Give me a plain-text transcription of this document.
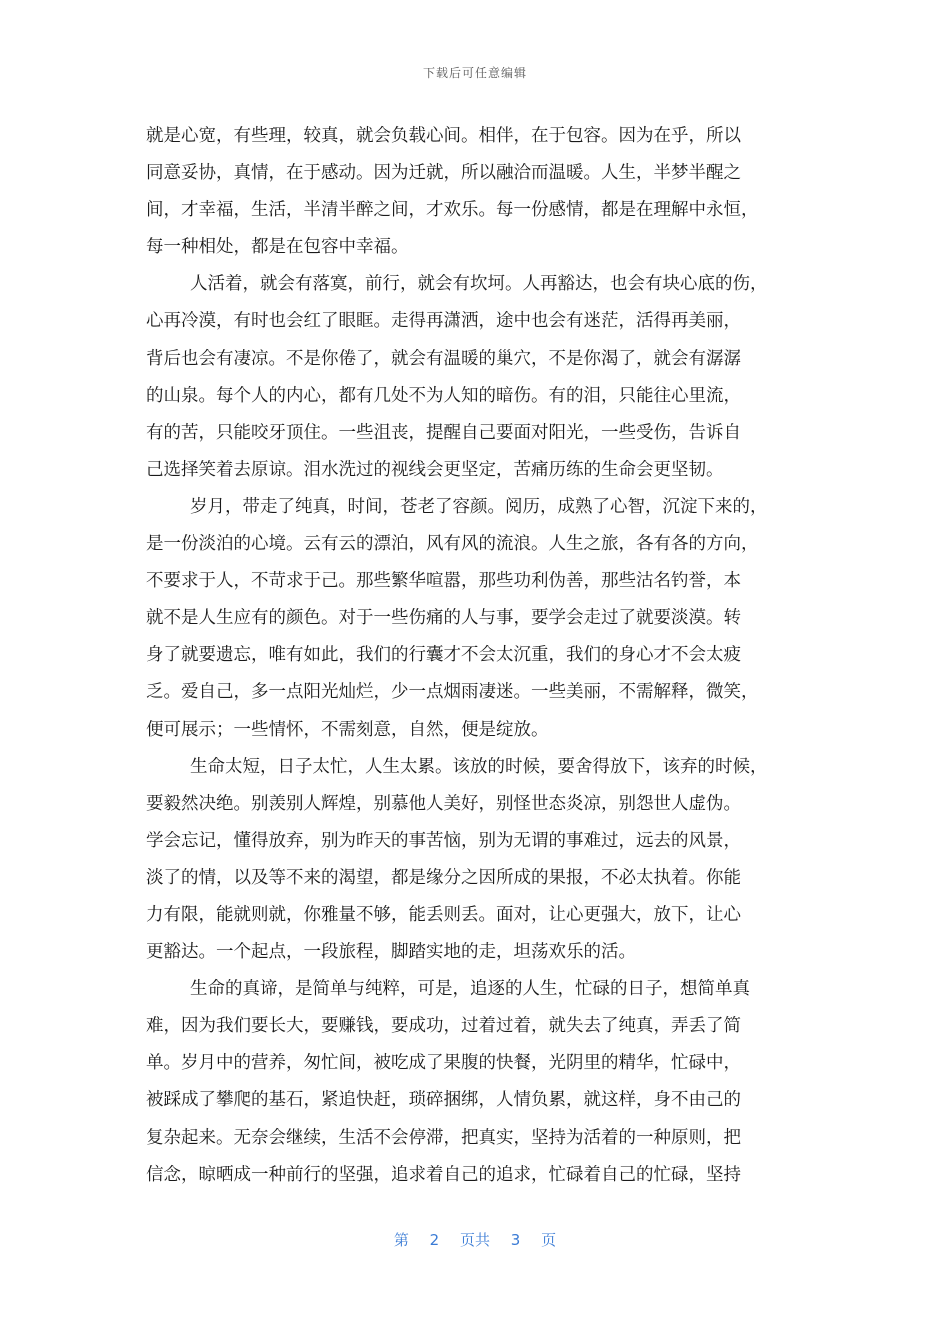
下载后可任意编辑
就是心宽，有些理，较真，就会负载心间。相伴，在于包容。因为在乎，所以
同意妥协，真情，在于感动。因为迁就，所以融洽而温暖。人生，半梦半醒之
间，才幸福，生活，半清半醉之间，才欢乐。每一份感情，都是在理解中永恒，
每一种相处，都是在包容中幸福。
人活着，就会有落寞，前行，就会有坎坷。人再豁达，也会有块心底的伤，
心再冷漠，有时也会红了眼眶。走得再潇洒，途中也会有迷茫，活得再美丽，
背后也会有凄凉。不是你倦了，就会有温暖的巢穴，不是你渴了，就会有潺潺
的山泉。每个人的内心，都有几处不为人知的暗伤。有的泪，只能往心里流，
有的苦，只能咬牙顶住。一些沮丧，提醒自己要面对阳光，一些受伤，告诉自
己选择笑着去原谅。泪水洗过的视线会更坚定，苦痛历练的生命会更坚韧。
岁月，带走了纯真，时间，苍老了容颜。阅历，成熟了心智，沉淀下来的，
是一份淡泊的心境。云有云的漂泊，风有风的流浪。人生之旅，各有各的方向，
不要求于人，不苛求于己。那些繁华喧嚣，那些功利伪善，那些沽名钓誉，本
就不是人生应有的颜色。对于一些伤痛的人与事，要学会走过了就要淡漠。转
身了就要遗忘，唯有如此，我们的行囊才不会太沉重，我们的身心才不会太疲
乏。爱自己，多一点阳光灿烂，少一点烟雨凄迷。一些美丽，不需解释，微笑，
便可展示；一些情怀，不需刻意，自然，便是绽放。
生命太短，日子太忙，人生太累。该放的时候，要舍得放下，该弃的时候，
要毅然决绝。别羡别人辉煌，别慕他人美好，别怪世态炎凉，别怨世人虚伪。
学会忘记，懂得放弃，别为昨天的事苦恼，别为无谓的事难过，远去的风景，
淡了的情，以及等不来的渴望，都是缘分之因所成的果报，不必太执着。你能
力有限，能就则就，你雅量不够，能丢则丢。面对，让心更强大，放下，让心
更豁达。一个起点，一段旅程，脚踏实地的走，坦荡欢乐的活。
生命的真谛，是简单与纯粹，可是，追逐的人生，忙碌的日子，想简单真
难，因为我们要长大，要赚钱，要成功，过着过着，就失去了纯真，弄丢了简
单。岁月中的营养，匆忙间，被吃成了果腹的快餐，光阴里的精华，忙碌中，
被踩成了攀爬的基石，紧追快赶，琐碎捆绑，人情负累，就这样，身不由己的
复杂起来。无奈会继续，生活不会停滞，把真实，坚持为活着的一种原则，把
信念，晾晒成一种前行的坚强，追求着自己的追求，忙碌着自己的忙碌，坚持
第 2 页共 3 页
